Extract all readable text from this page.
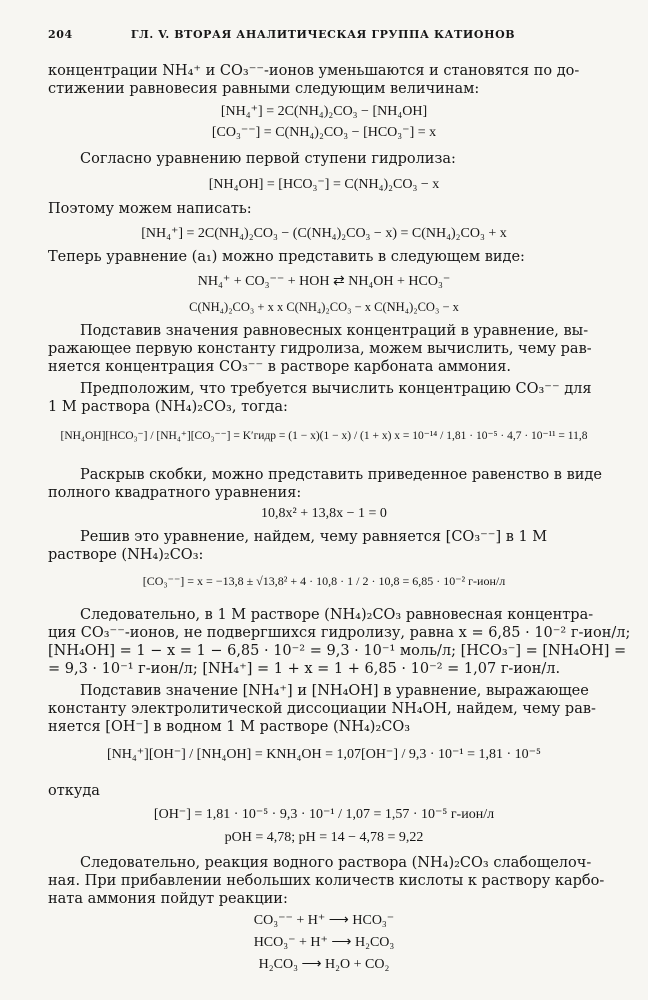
204	ГЛ. V. ВТОРАЯ АНАЛИТИЧЕСКАЯ ГРУППА КАТИОНОВ
концентрации NH₄⁺ и CO₃⁻⁻-ионов уменьшаются и становятся по до-
стижении равновесия равными следующим величинам:
[NH₄⁺] = 2C(NH₄)₂CO₃ − [NH₄OH]
[CO₃⁻⁻] = C(NH₄)₂CO₃ − [HCO₃⁻] = x
Согласно уравнению первой ступени гидролиза:
[NH₄OH] = [HCO₃⁻] = C(NH₄)₂CO₃ − x
Поэтому можем написать:
[NH₄⁺] = 2C(NH₄)₂CO₃ − (C(NH₄)₂CO₃ − x) = C(NH₄)₂CO₃ + x
Теперь уравнение (a₁) можно представить в следующем виде:
NH₄⁺ + CO₃⁻⁻ + HOH ⇄ NH₄OH + HCO₃⁻
C(NH₄)₂CO₃ + x x C(NH₄)₂CO₃ − x C(NH₄)₂CO₃ − x
Подставив значения равновесных концентраций в уравнение, вы-
ражающее первую константу гидролиза, можем вычислить, чему рав-
няется концентрация CO₃⁻⁻ в растворе карбоната аммония.
Предположим, что требуется вычислить концентрацию CO₃⁻⁻ для
1 M раствора (NH₄)₂CO₃, тогда:
[NH₄OH][HCO₃⁻] / [NH₄⁺][CO₃⁻⁻] = K′гидр = (1 − x)(1 − x) / (1 + x) x = 10⁻¹⁴ / 1,81 · 10⁻⁵ · 4,7 · 10⁻¹¹ = 11,8
Раскрыв скобки, можно представить приведенное равенство в виде
полного квадратного уравнения:
10,8x² + 13,8x − 1 = 0
Решив это уравнение, найдем, чему равняется [CO₃⁻⁻] в 1 M
растворе (NH₄)₂CO₃:
[CO₃⁻⁻] = x = −13,8 ± √13,8² + 4 · 10,8 · 1 / 2 · 10,8 = 6,85 · 10⁻² г-ион/л
Следовательно, в 1 M растворе (NH₄)₂CO₃ равновесная концентра-
ция CO₃⁻⁻-ионов, не подвергшихся гидролизу, равна x = 6,85 · 10⁻² г-ион/л;
[NH₄OH] = 1 − x = 1 − 6,85 · 10⁻² = 9,3 · 10⁻¹ моль/л; [HCO₃⁻] = [NH₄OH] =
= 9,3 · 10⁻¹ г-ион/л; [NH₄⁺] = 1 + x = 1 + 6,85 · 10⁻² = 1,07 г-ион/л.
Подставив значение [NH₄⁺] и [NH₄OH] в уравнение, выражающее
константу электролитической диссоциации NH₄OH, найдем, чему рав-
няется [OH⁻] в водном 1 M растворе (NH₄)₂CO₃
[NH₄⁺][OH⁻] / [NH₄OH] = KNH₄OH = 1,07[OH⁻] / 9,3 · 10⁻¹ = 1,81 · 10⁻⁵
откуда
[OH⁻] = 1,81 · 10⁻⁵ · 9,3 · 10⁻¹ / 1,07 = 1,57 · 10⁻⁵ г-ион/л
pOH = 4,78; pH = 14 − 4,78 = 9,22
Следовательно, реакция водного раствора (NH₄)₂CO₃ слабощелоч-
ная. При прибавлении небольших количеств кислоты к раствору карбо-
ната аммония пойдут реакции:
CO₃⁻⁻ + H⁺ ⟶ HCO₃⁻
HCO₃⁻ + H⁺ ⟶ H₂CO₃
H₂CO₃ ⟶ H₂O + CO₂
